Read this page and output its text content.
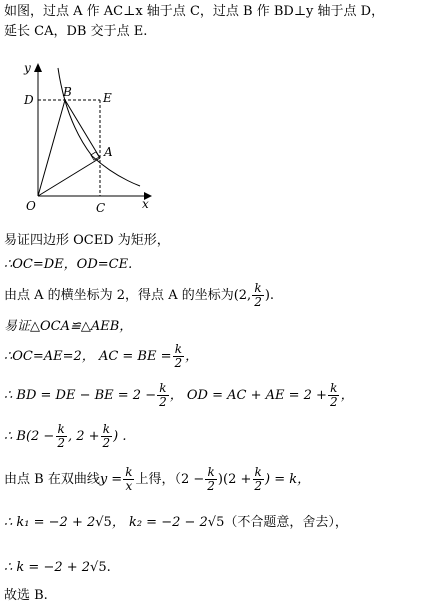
如图，过点 A 作 AC⊥x 轴于点 C，过点 B 作 BD⊥y 轴于点 D，
延长 CA，DB 交于点 E.
y
x
O	C
D
B	E
A
易证四边形 OCED 为矩形，
∴OC=DE，OD=CE.
由点 A 的横坐标为 2，得点 A 的坐标为 (2, $\frac{k}{2}$ ).
易证△OCA≌△AEB，
∴OC=AE=2， AC = BE = $\frac{k}{2}$ ，
∴ BD = DE − BE = $2 - \frac{k}{2}$ ， OD = AC + AE = $2 + \frac{k}{2}$ ，
∴ $B(2 - \frac{k}{2}$ , $2 + \frac{k}{2}$ ) .
由点 B 在双曲线 $y = \frac{k}{x}$ 上得，$(2 - \frac{k}{2} )(2 + \frac{k}{2}$ ) = k，
∴ k₁ = −2 + 2√5， k₂ = −2 − 2√5（不合题意，舍去），
∴ k = −2 + 2√5.
故选 B.
